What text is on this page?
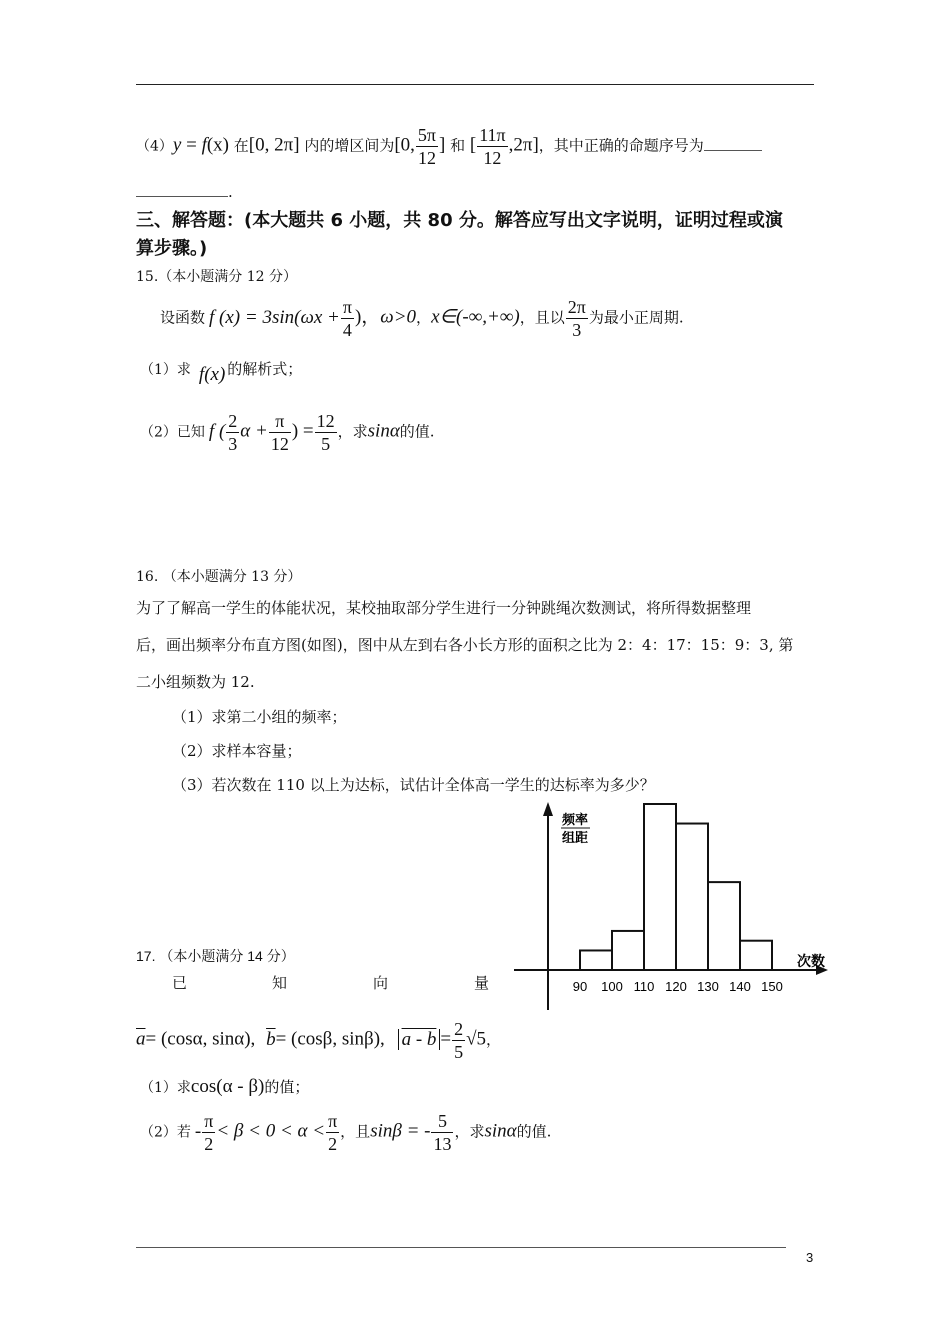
（4）y = f(x) 在[0, 2π] 内的增区间为[0, $\frac{5\pi}{12}$ ] 和 [ $\frac{11\pi}{12} ,2\pi$]，其中正确的命题序号为
.
三、解答题：(本大题共 6 小题，共 80 分。解答应写出文字说明，证明过程或演
算步骤。)
15.（本小题满分 12 分）
设函数 f $(x) = 3\sin(\omega x + \frac{\pi}{4}$ )，ω>0，x∈(-∞,+∞)，且以 $\frac{2\pi}{3}$ 为最小正周期.
（1）求 f(x) 的解析式；
（2）已知 f ( $\frac{2}{3}$ $\alpha + \frac{\pi}{12}$ ) = $\frac{12}{5}$ ，求sinα的值.
16. （本小题满分 13 分）
为了了解高一学生的体能状况，某校抽取部分学生进行一分钟跳绳次数测试，将所得数据整理
后，画出频率分布直方图(如图)，图中从左到右各小长方形的面积之比为 2：4：17：15：9：3, 第
二小组频数为 12.
（1）求第二小组的频率；
（2）求样本容量；
（3）若次数在 110 以上为达标，试估计全体高一学生的达标率为多少？
90 100 110 120 130 140 150
频率
组距
次数
17. （本小题满分 14 分）
已	知	向	量
$\overline{a}= (\cos\alpha$, sinα), $\overline{b}= (\cos\beta$, sinβ), $a - b = \frac{2}{5} √5$，
（1）求cos(α - β)的值；
（2）若 - $\frac{\pi}{2} < \beta < 0 < \alpha < \frac{\pi}{2}$ ，且sinβ = - $\frac{5}{13}$ ，求sinα的值.
3
